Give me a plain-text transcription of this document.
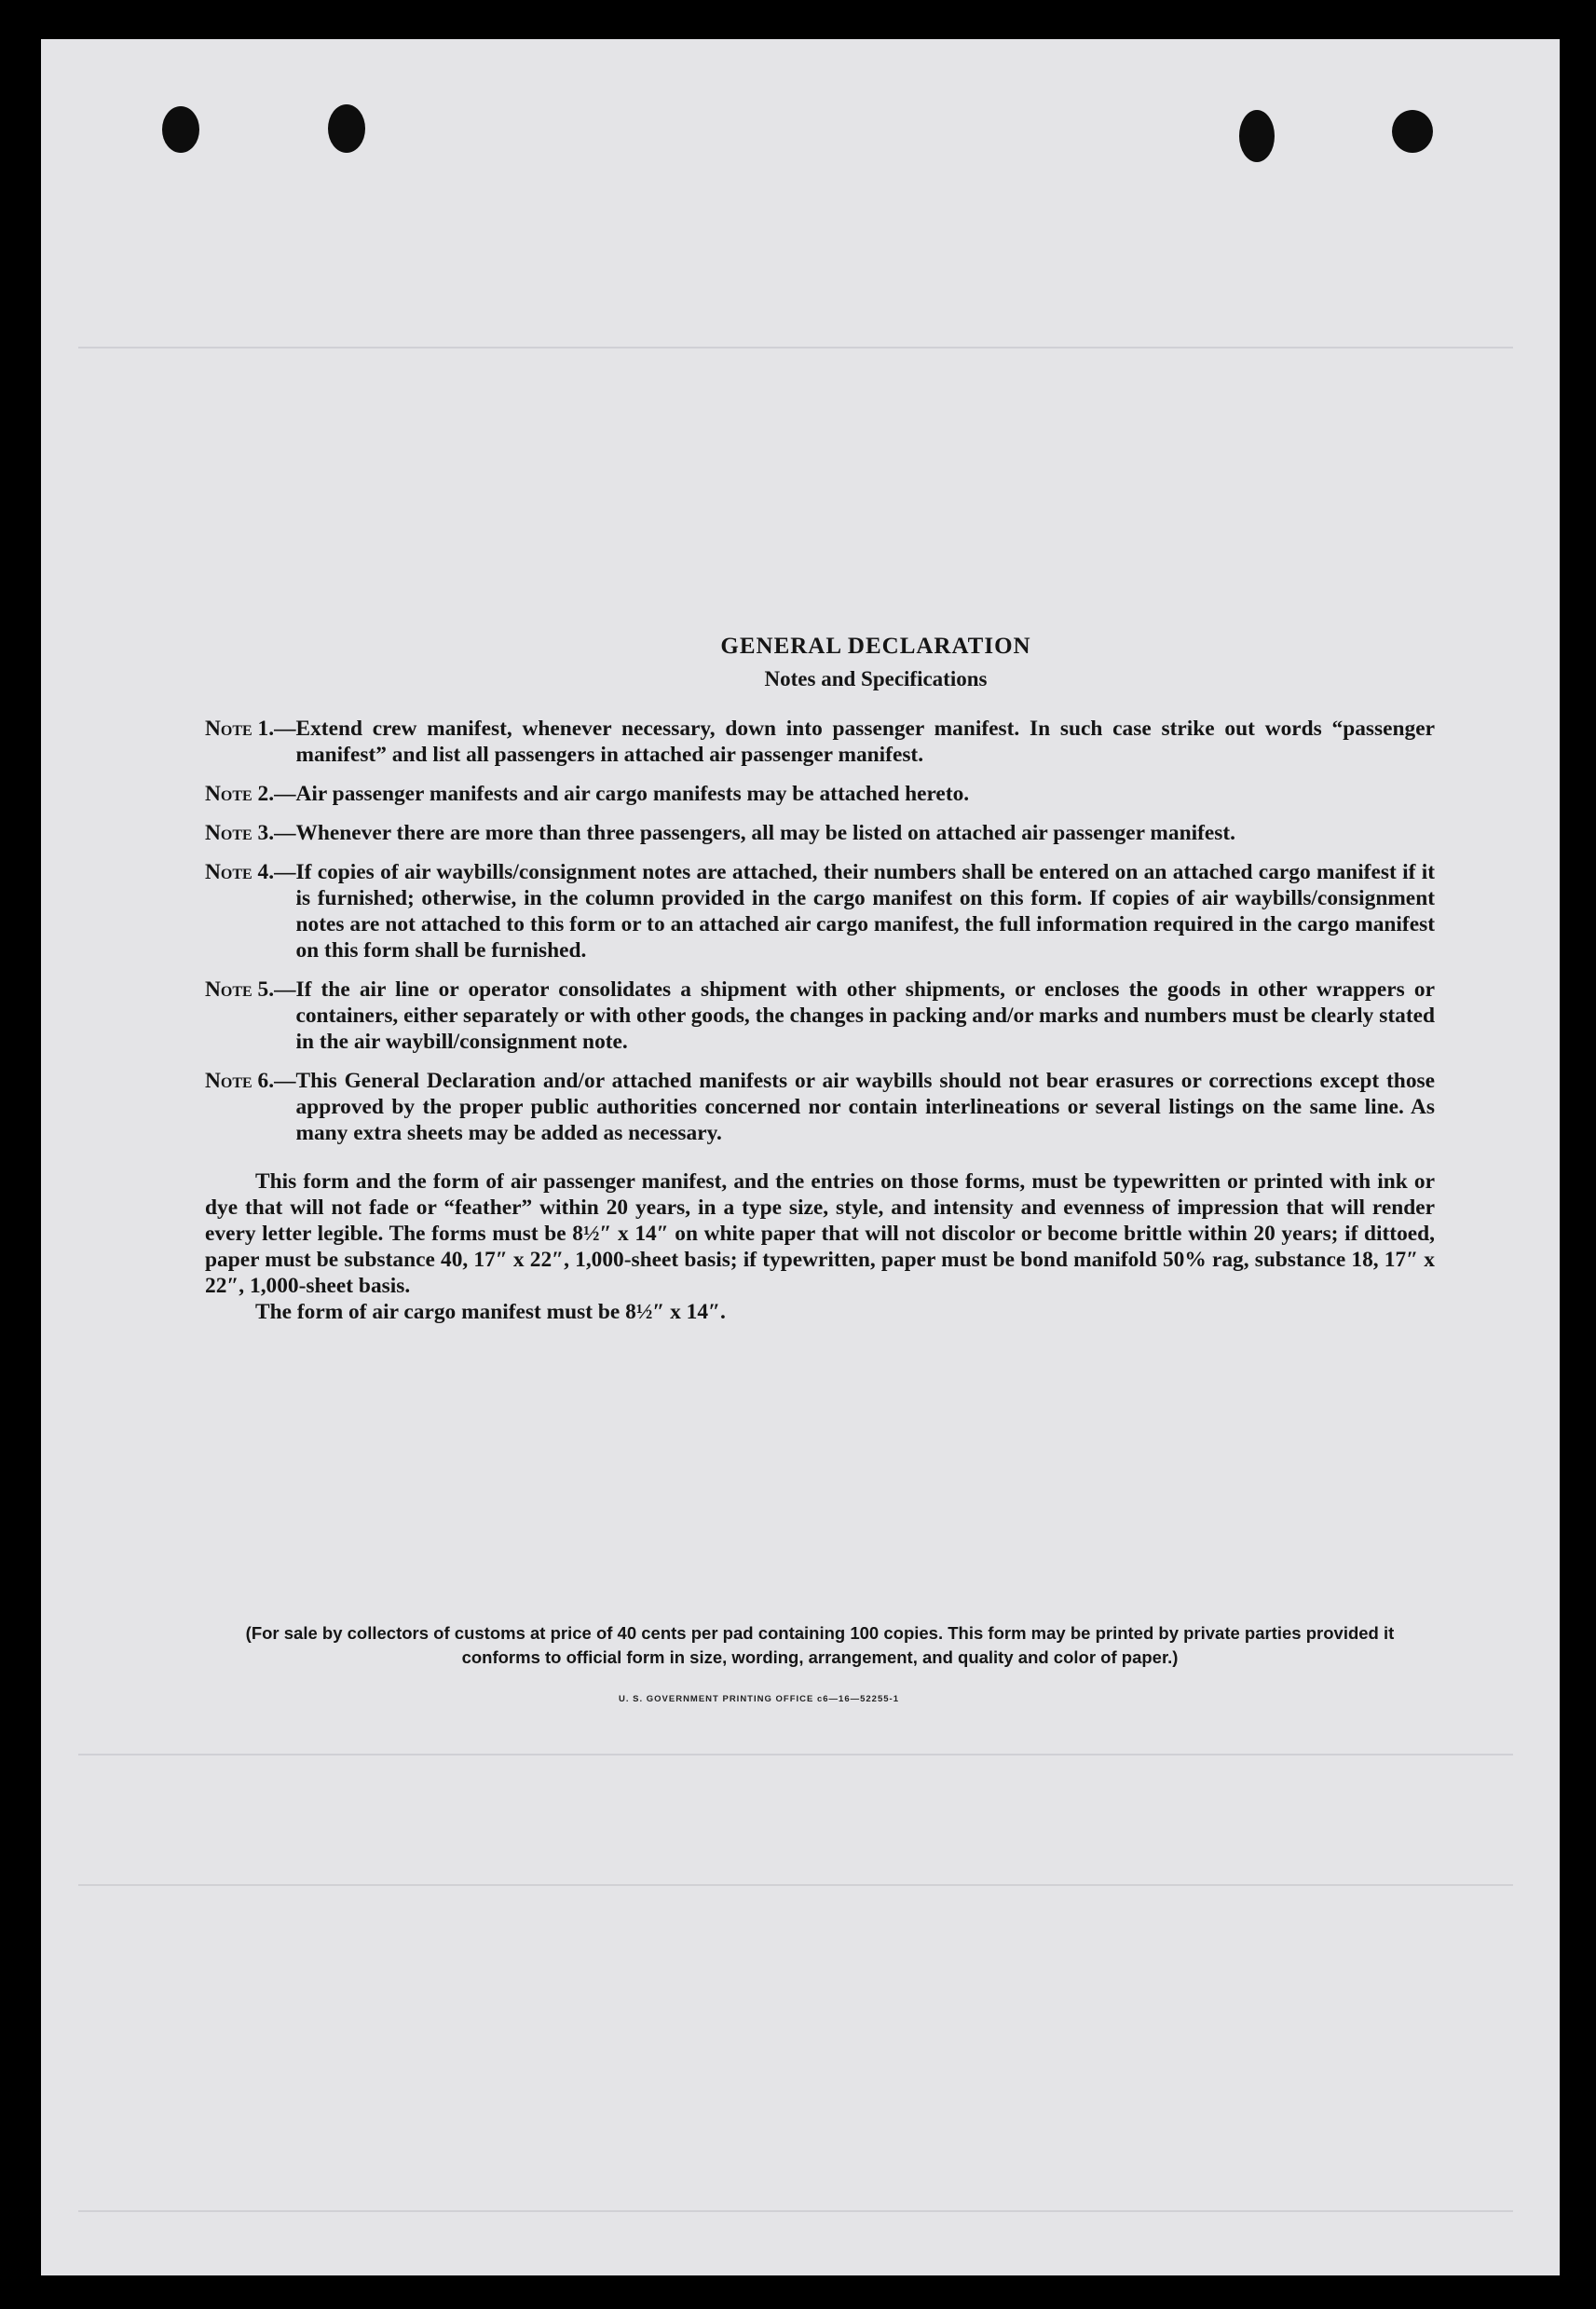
GENERAL DECLARATION
Notes and Specifications
Note 1.— Extend crew manifest, whenever necessary, down into passenger manifest. In such case strike out words “passenger manifest” and list all passengers in attached air passenger manifest.
Note 2.— Air passenger manifests and air cargo manifests may be attached hereto.
Note 3.— Whenever there are more than three passengers, all may be listed on attached air passenger manifest.
Note 4.— If copies of air waybills/consignment notes are attached, their numbers shall be entered on an attached cargo manifest if it is furnished; otherwise, in the column provided in the cargo manifest on this form. If copies of air waybills/consignment notes are not attached to this form or to an attached air cargo manifest, the full information required in the cargo manifest on this form shall be furnished.
Note 5.— If the air line or operator consolidates a shipment with other shipments, or encloses the goods in other wrappers or containers, either separately or with other goods, the changes in packing and/or marks and numbers must be clearly stated in the air waybill/consignment note.
Note 6.— This General Declaration and/or attached manifests or air waybills should not bear erasures or corrections except those approved by the proper public authorities concerned nor contain interlineations or several listings on the same line. As many extra sheets may be added as necessary.

This form and the form of air passenger manifest, and the entries on those forms, must be typewritten or printed with ink or dye that will not fade or “feather” within 20 years, in a type size, style, and intensity and evenness of impression that will render every letter legible. The forms must be 8½″ x 14″ on white paper that will not discolor or become brittle within 20 years; if dittoed, paper must be substance 40, 17″ x 22″, 1,000-sheet basis; if typewritten, paper must be bond manifold 50% rag, substance 18, 17″ x 22″, 1,000-sheet basis.

The form of air cargo manifest must be 8½″ x 14″.

(For sale by collectors of customs at price of 40 cents per pad containing 100 copies. This form may be printed by private parties provided it conforms to official form in size, wording, arrangement, and quality and color of paper.)
U. S. GOVERNMENT PRINTING OFFICE c6—16—52255-1
